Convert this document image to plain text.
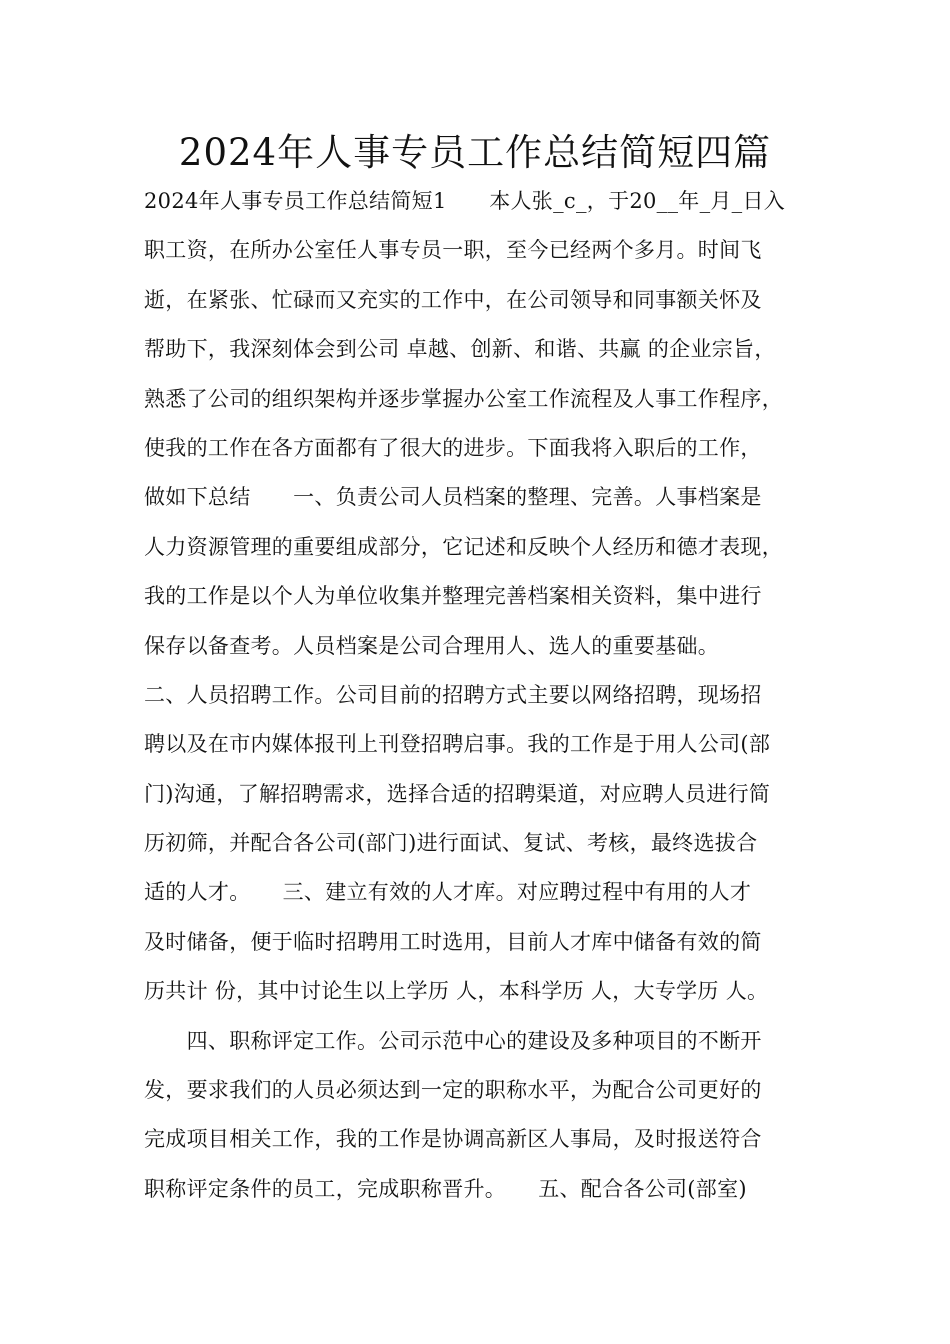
2024年人事专员工作总结简短四篇
2024年人事专员工作总结简短1　　本人张_c_，于20__年_月_日入
职工资，在所办公室任人事专员一职，至今已经两个多月。时间飞
逝，在紧张、忙碌而又充实的工作中，在公司领导和同事额关怀及
帮助下，我深刻体会到公司 卓越、创新、和谐、共赢 的企业宗旨，
熟悉了公司的组织架构并逐步掌握办公室工作流程及人事工作程序，
使我的工作在各方面都有了很大的进步。下面我将入职后的工作，
做如下总结　　一、负责公司人员档案的整理、完善。人事档案是
人力资源管理的重要组成部分，它记述和反映个人经历和德才表现，
我的工作是以个人为单位收集并整理完善档案相关资料，集中进行
保存以备查考。人员档案是公司合理用人、选人的重要基础。
二、人员招聘工作。公司目前的招聘方式主要以网络招聘，现场招
聘以及在市内媒体报刊上刊登招聘启事。我的工作是于用人公司(部
门)沟通，了解招聘需求，选择合适的招聘渠道，对应聘人员进行简
历初筛，并配合各公司(部门)进行面试、复试、考核，最终选拔合
适的人才。　　三、建立有效的人才库。对应聘过程中有用的人才
及时储备，便于临时招聘用工时选用，目前人才库中储备有效的简
历共计 份，其中讨论生以上学历 人，本科学历 人，大专学历 人。
　　四、职称评定工作。公司示范中心的建设及多种项目的不断开
发，要求我们的人员必须达到一定的职称水平，为配合公司更好的
完成项目相关工作，我的工作是协调高新区人事局，及时报送符合
职称评定条件的员工，完成职称晋升。　　五、配合各公司(部室)
